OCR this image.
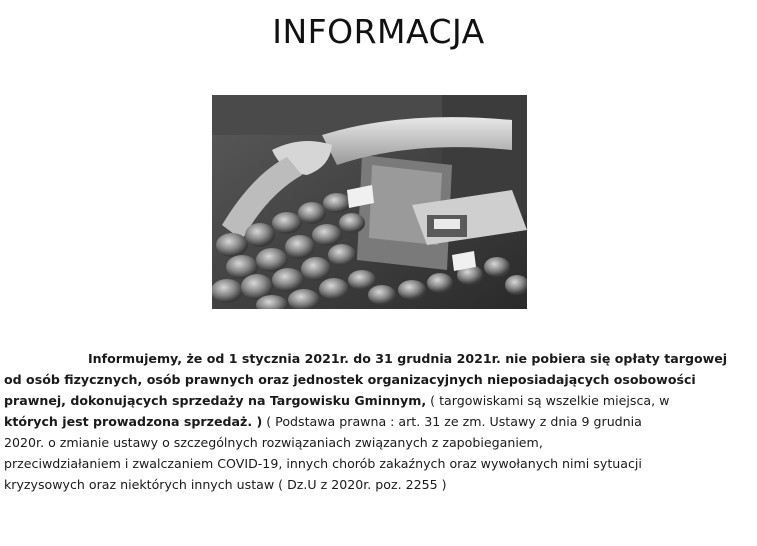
INFORMACJA
Informujemy, że od 1 stycznia 2021r. do 31 grudnia 2021r. nie pobiera się opłaty targowej
od osób fizycznych, osób prawnych oraz jednostek organizacyjnych nieposiadających osobowości
prawnej, dokonujących sprzedaży na Targowisku Gminnym, ( targowiskami są wszelkie miejsca, w
których jest prowadzona sprzedaż. ) ( Podstawa prawna : art. 31 ze zm. Ustawy z dnia 9 grudnia
2020r. o zmianie ustawy o szczególnych rozwiązaniach związanych z zapobieganiem,
przeciwdziałaniem i zwalczaniem COVID-19, innych chorób zakaźnych oraz wywołanych nimi sytuacji
kryzysowych oraz niektórych innych ustaw ( Dz.U z 2020r. poz. 2255 )
